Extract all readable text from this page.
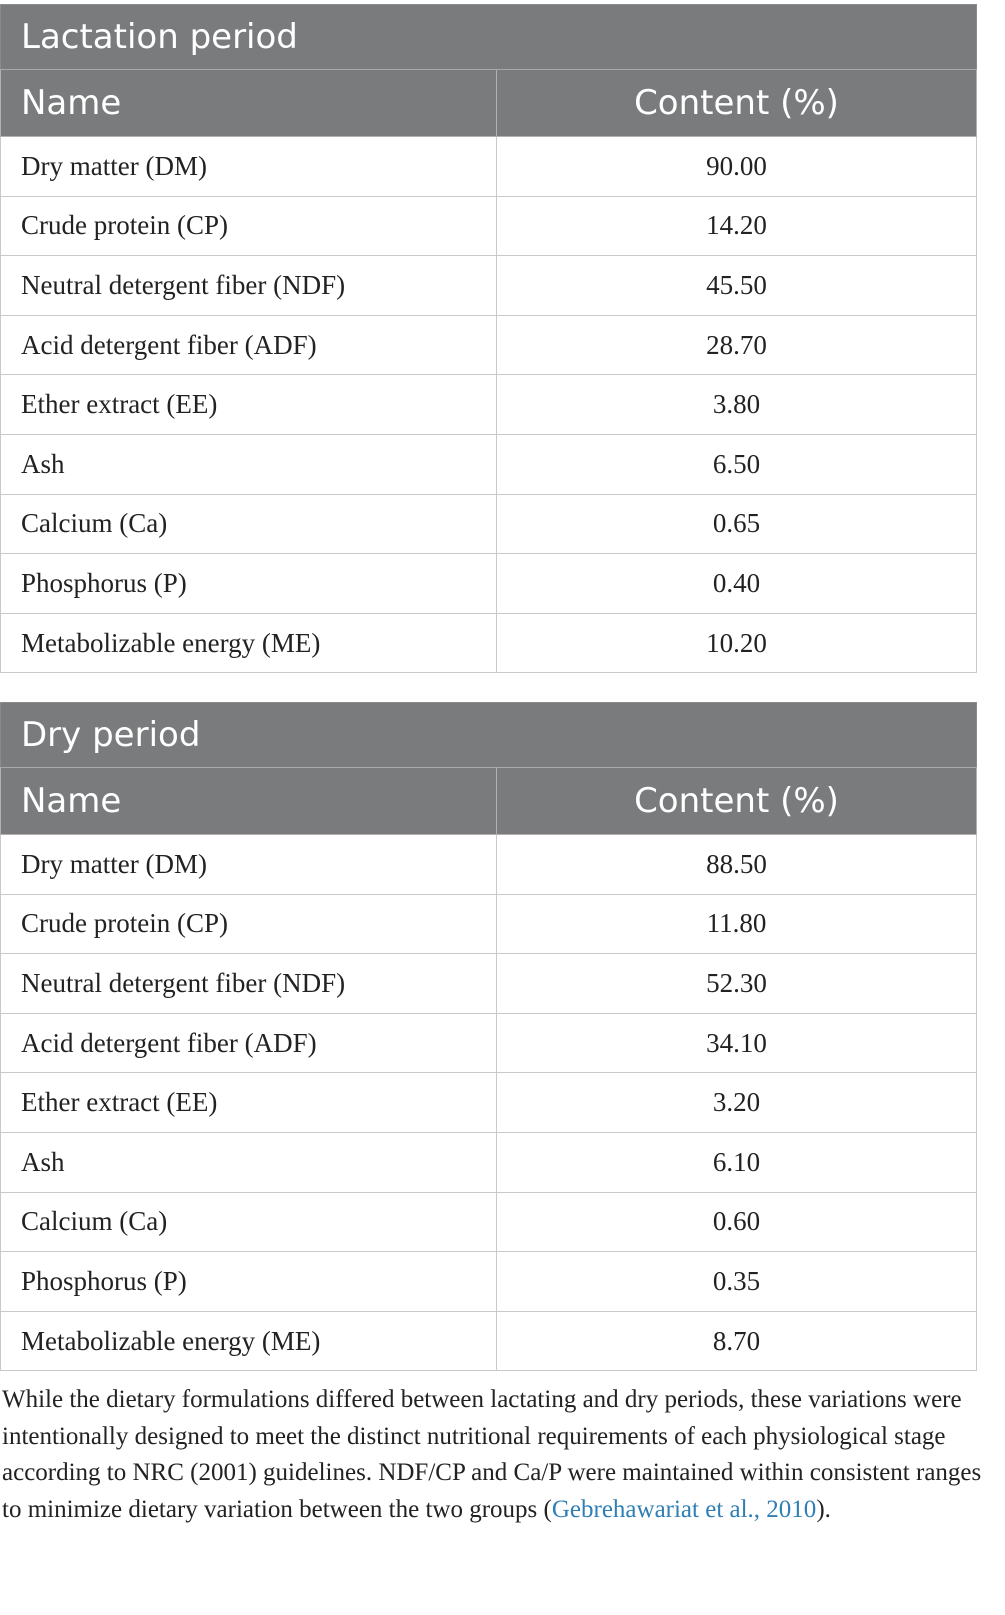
Lactation period	
Name	Content (%)
Dry matter (DM)	90.00
Crude protein (CP)	14.20
Neutral detergent fiber (NDF)	45.50
Acid detergent fiber (ADF)	28.70
Ether extract (EE)	3.80
Ash	6.50
Calcium (Ca)	0.65
Phosphorus (P)	0.40
Metabolizable energy (ME)	10.20
Dry period	
Name	Content (%)
Dry matter (DM)	88.50
Crude protein (CP)	11.80
Neutral detergent fiber (NDF)	52.30
Acid detergent fiber (ADF)	34.10
Ether extract (EE)	3.20
Ash	6.10
Calcium (Ca)	0.60
Phosphorus (P)	0.35
Metabolizable energy (ME)	8.70

While the dietary formulations differed between lactating and dry periods, these variations were intentionally designed to meet the distinct nutritional requirements of each physiological stage according to NRC (2001) guidelines. NDF/CP and Ca/P were maintained within consistent ranges to minimize dietary variation between the two groups (Gebrehawariat et al., 2010).
